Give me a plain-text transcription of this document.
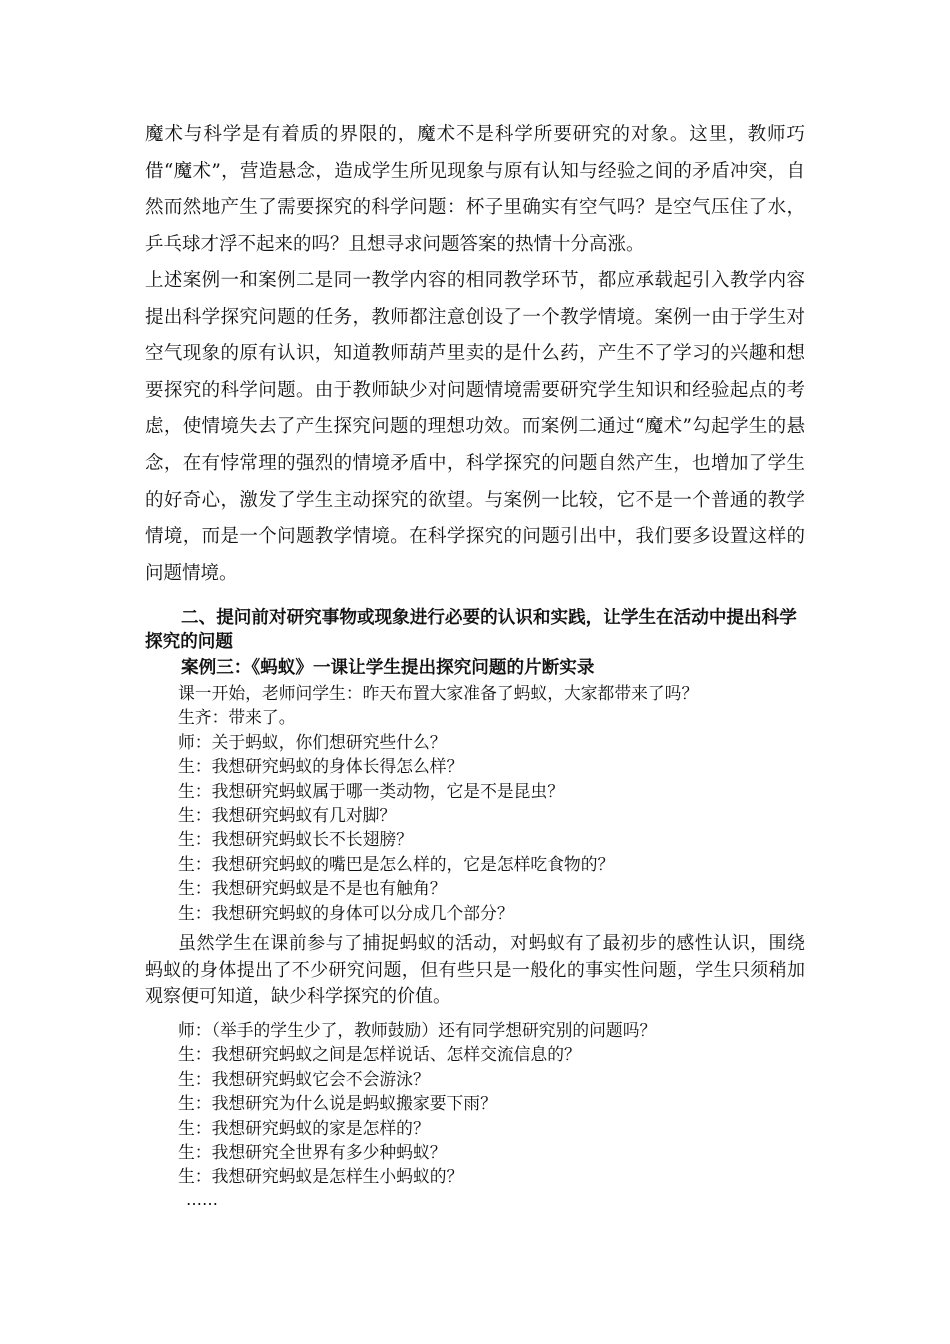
魔术与科学是有着质的界限的，魔术不是科学所要研究的对象。这里，教师巧借“魔术”，营造悬念，造成学生所见现象与原有认知与经验之间的矛盾冲突，自然而然地产生了需要探究的科学问题：杯子里确实有空气吗？是空气压住了水，乒乓球才浮不起来的吗？且想寻求问题答案的热情十分高涨。

上述案例一和案例二是同一教学内容的相同教学环节，都应承载起引入教学内容提出科学探究问题的任务，教师都注意创设了一个教学情境。案例一由于学生对空气现象的原有认识，知道教师葫芦里卖的是什么药，产生不了学习的兴趣和想要探究的科学问题。由于教师缺少对问题情境需要研究学生知识和经验起点的考虑，使情境失去了产生探究问题的理想功效。而案例二通过“魔术”勾起学生的悬念，在有悖常理的强烈的情境矛盾中，科学探究的问题自然产生，也增加了学生的好奇心，激发了学生主动探究的欲望。与案例一比较，它不是一个普通的教学情境，而是一个问题教学情境。在科学探究的问题引出中，我们要多设置这样的问题情境。

二、提问前对研究事物或现象进行必要的认识和实践，让学生在活动中提出科学探究的问题
案例三：《蚂蚁》一课让学生提出探究问题的片断实录
课一开始，老师问学生：昨天布置大家准备了蚂蚁，大家都带来了吗？
生齐：带来了。
师：关于蚂蚁，你们想研究些什么？
生：我想研究蚂蚁的身体长得怎么样？
生：我想研究蚂蚁属于哪一类动物，它是不是昆虫？
生：我想研究蚂蚁有几对脚？
生：我想研究蚂蚁长不长翅膀？
生：我想研究蚂蚁的嘴巴是怎么样的，它是怎样吃食物的？
生：我想研究蚂蚁是不是也有触角？
生：我想研究蚂蚁的身体可以分成几个部分？

虽然学生在课前参与了捕捉蚂蚁的活动，对蚂蚁有了最初步的感性认识，围绕蚂蚁的身体提出了不少研究问题，但有些只是一般化的事实性问题，学生只须稍加观察便可知道，缺少科学探究的价值。

师：（举手的学生少了，教师鼓励）还有同学想研究别的问题吗？
生：我想研究蚂蚁之间是怎样说话、怎样交流信息的？
生：我想研究蚂蚁它会不会游泳？
生：我想研究为什么说是蚂蚁搬家要下雨？
生：我想研究蚂蚁的家是怎样的？
生：我想研究全世界有多少种蚂蚁？
生：我想研究蚂蚁是怎样生小蚂蚁的？

……
